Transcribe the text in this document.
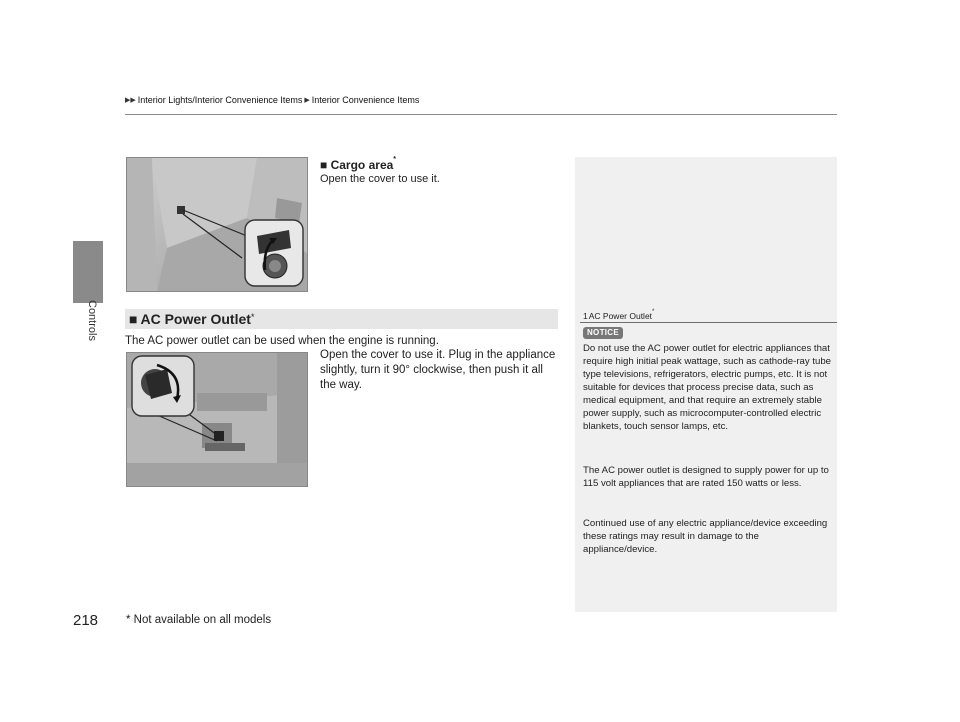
Controls
▶▶ Interior Lights/Interior Convenience Items ▶ Interior Convenience Items
■ Cargo area*
Open the cover to use it.
■ AC Power Outlet *
The AC power outlet can be used when the engine is running.
Open the cover to use it. Plug in the appliance slightly, turn it 90° clockwise, then push it all the way.
1AC Power Outlet*
NOTICE
Do not use the AC power outlet for electric appliances that require high initial peak wattage, such as cathode-ray tube type televisions, refrigerators, electric pumps, etc. It is not suitable for devices that process precise data, such as medical equipment, and that require an extremely stable power supply, such as microcomputer-controlled electric blankets, touch sensor lamps, etc.
The AC power outlet is designed to supply power for up to 115 volt appliances that are rated 150 watts or less.
Continued use of any electric appliance/device exceeding these ratings may result in damage to the appliance/device.
218 * Not available on all models
